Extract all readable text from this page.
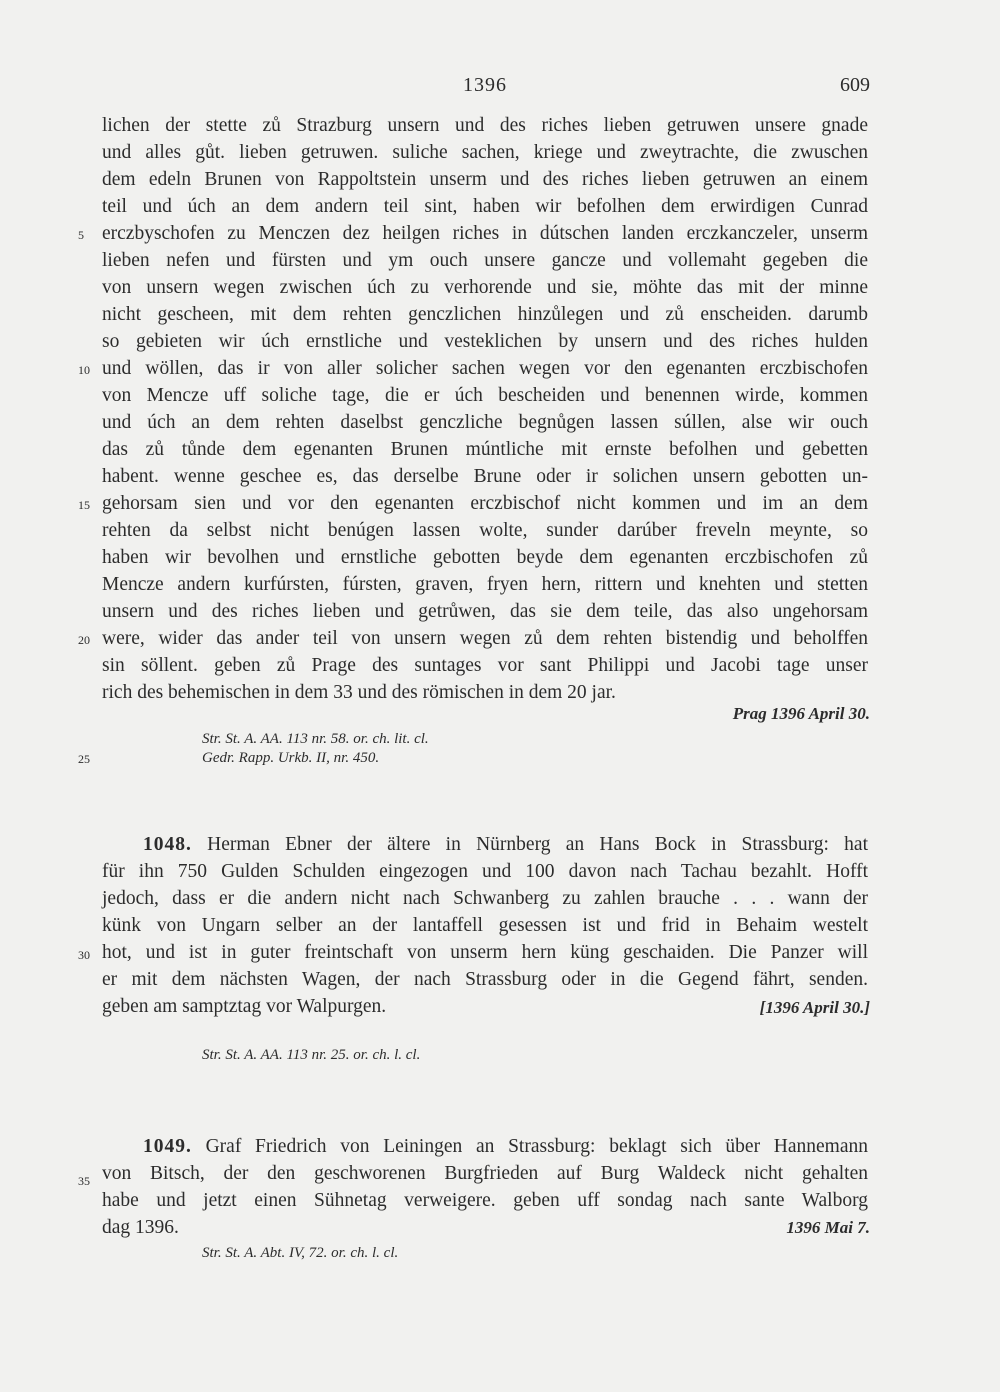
1396	609
lichen der stette zů Strazburg unsern und des riches lieben getruwen unsere gnade
und alles gůt. lieben getruwen. suliche sachen, kriege und zweytrachte, die zwuschen
dem edeln Brunen von Rappoltstein unserm und des riches lieben getruwen an einem
teil und úch an dem andern teil sint, haben wir befolhen dem erwirdigen Cunrad
erczbyschofen zu Menczen dez heilgen riches in dútschen landen erczkanczeler, unserm
lieben nefen und fürsten und ym ouch unsere gancze und vollemaht gegeben die
von unsern wegen zwischen úch zu verhorende und sie, möhte das mit der minne
nicht gescheen, mit dem rehten genczlichen hinzůlegen und zů enscheiden. darumb
so gebieten wir úch ernstliche und vesteklichen by unsern und des riches hulden
und wöllen, das ir von aller solicher sachen wegen vor den egenanten erczbischofen
von Mencze uff soliche tage, die er úch bescheiden und benennen wirde, kommen
und úch an dem rehten daselbst genczliche begnůgen lassen súllen, alse wir ouch
das zů tůnde dem egenanten Brunen múntliche mit ernste befolhen und gebetten
habent. wenne geschee es, das derselbe Brune oder ir solichen unsern gebotten un-
gehorsam sien und vor den egenanten erczbischof nicht kommen und im an dem
rehten da selbst nicht benúgen lassen wolte, sunder darúber freveln meynte, so
haben wir bevolhen und ernstliche gebotten beyde dem egenanten erczbischofen zů
Mencze andern kurfúrsten, fúrsten, graven, fryen hern, rittern und knehten und stetten
unsern und des riches lieben und getrůwen, das sie dem teile, das also ungehorsam
were, wider das ander teil von unsern wegen zů dem rehten bistendig und beholffen
sin söllent. geben zů Prage des suntages vor sant Philippi und Jacobi tage unser
rich des behemischen in dem 33 und des römischen in dem 20 jar.
5
10
15
20
25
30
35
Prag 1396 April 30.
Str. St. A. AA. 113 nr. 58. or. ch. lit. cl.
Gedr. Rapp. Urkb. II, nr. 450.
1048. Herman Ebner der ältere in Nürnberg an Hans Bock in Strassburg: hat
für ihn 750 Gulden Schulden eingezogen und 100 davon nach Tachau bezahlt. Hofft
jedoch, dass er die andern nicht nach Schwanberg zu zahlen brauche . . . wann der
künk von Ungarn selber an der lantaffell gesessen ist und frid in Behaim westelt
hot, und ist in guter freintschaft von unserm hern küng geschaiden. Die Panzer will
er mit dem nächsten Wagen, der nach Strassburg oder in die Gegend fährt, senden.
geben am samptztag vor Walpurgen.	[1396 April 30.]
Str. St. A. AA. 113 nr. 25. or. ch. l. cl.
1049. Graf Friedrich von Leiningen an Strassburg: beklagt sich über Hannemann
von Bitsch, der den geschworenen Burgfrieden auf Burg Waldeck nicht gehalten
habe und jetzt einen Sühnetag verweigere. geben uff sondag nach sante Walborg
dag 1396.	1396 Mai 7.
Str. St. A. Abt. IV, 72. or. ch. l. cl.
